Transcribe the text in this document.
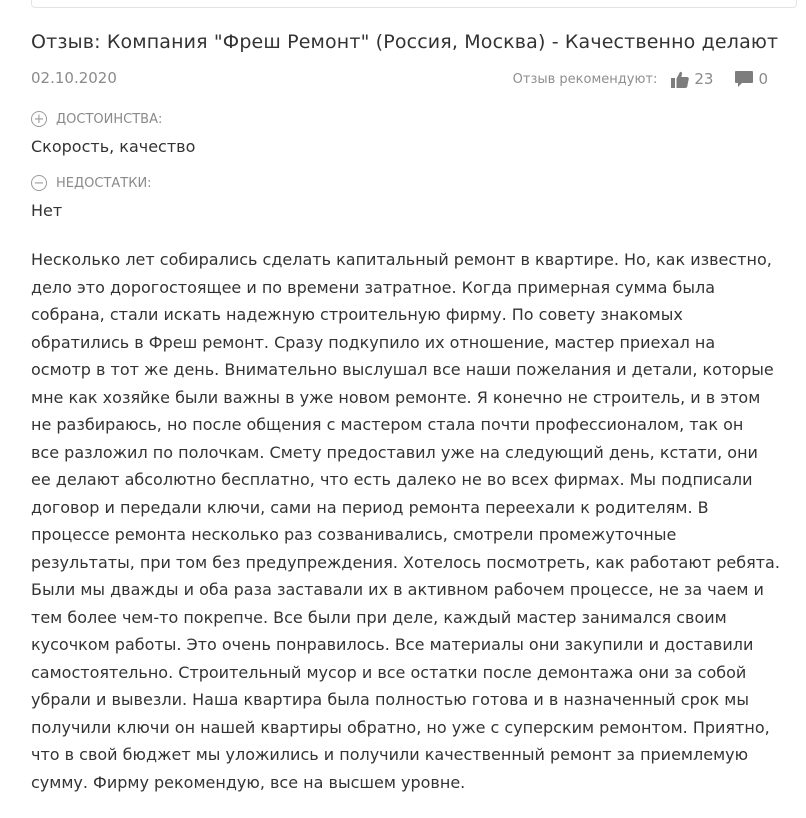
Отзыв: Компания "Фреш Ремонт" (Россия, Москва) - Качественно делают
02.10.2020	Отзыв рекомендуют: 23	0
+ ДОСТОИНСТВА:
Скорость, качество
− НЕДОСТАТКИ:
Нет

Несколько лет собирались сделать капитальный ремонт в квартире. Но, как известно,
дело это дорогостоящее и по времени затратное. Когда примерная сумма была
собрана, стали искать надежную строительную фирму. По совету знакомых
обратились в Фреш ремонт. Сразу подкупило их отношение, мастер приехал на
осмотр в тот же день. Внимательно выслушал все наши пожелания и детали, которые
мне как хозяйке были важны в уже новом ремонте. Я конечно не строитель, и в этом
не разбираюсь, но после общения с мастером стала почти профессионалом, так он
все разложил по полочкам. Смету предоставил уже на следующий день, кстати, они
ее делают абсолютно бесплатно, что есть далеко не во всех фирмах. Мы подписали
договор и передали ключи, сами на период ремонта переехали к родителям. В
процессе ремонта несколько раз созванивались, смотрели промежуточные
результаты, при том без предупреждения. Хотелось посмотреть, как работают ребята.
Были мы дважды и оба раза заставали их в активном рабочем процессе, не за чаем и
тем более чем-то покрепче. Все были при деле, каждый мастер занимался своим
кусочком работы. Это очень понравилось. Все материалы они закупили и доставили
самостоятельно. Строительный мусор и все остатки после демонтажа они за собой
убрали и вывезли. Наша квартира была полностью готова и в назначенный срок мы
получили ключи он нашей квартиры обратно, но уже с суперским ремонтом. Приятно,
что в свой бюджет мы уложились и получили качественный ремонт за приемлемую
сумму. Фирму рекомендую, все на высшем уровне.
